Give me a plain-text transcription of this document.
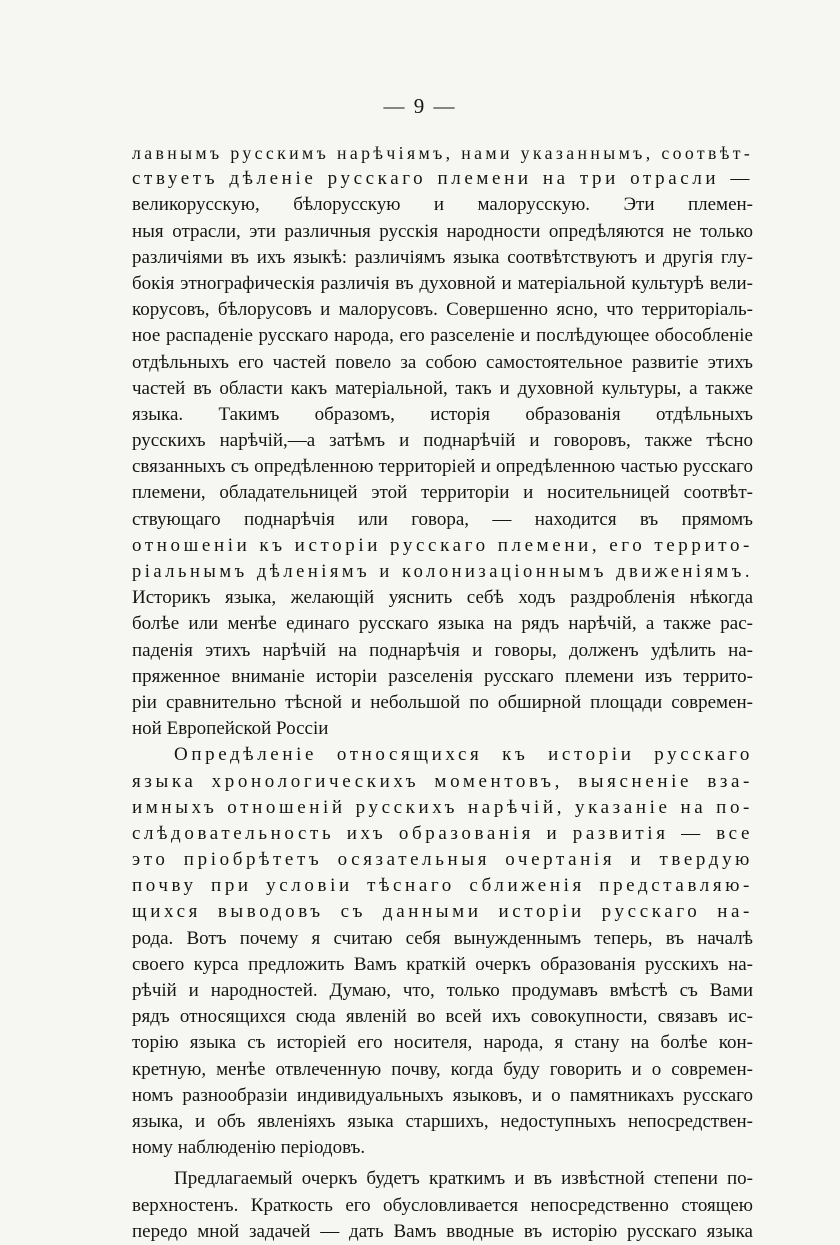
— 9 —
лавнымъ русскимъ нарѣчіямъ, нами указаннымъ, соотвѣт-
ствуетъ дѣленіе русскаго племени на три отрасли —
великорусскую, бѣлорусскую и малорусскую. Эти племен-
ныя отрасли, эти различныя русскія народности опредѣляются не только
различіями въ ихъ языкѣ: различіямъ языка соотвѣтствуютъ и другія глу-
бокія этнографическія различія въ духовной и матеріальной культурѣ вели-
корусовъ, бѣлорусовъ и малорусовъ. Совершенно ясно, что территоріаль-
ное распаденіе русскаго народа, его разселеніе и послѣдующее обособленіе
отдѣльныхъ его частей повело за собою самостоятельное развитіе этихъ
частей въ области какъ матеріальной, такъ и духовной культуры, а также
языка. Такимъ образомъ, исторія образованія отдѣльныхъ
русскихъ нарѣчій,—а затѣмъ и поднарѣчій и говоровъ, также тѣсно
связанныхъ съ опредѣленною территоріей и опредѣленною частью русскаго
племени, обладательницей этой территоріи и носительницей соотвѣт-
ствующаго поднарѣчія или говора, — находится въ прямомъ
отношеніи къ исторіи русскаго племени, его террито-
ріальнымъ дѣленіямъ и колонизаціоннымъ движеніямъ.
Историкъ языка, желающій уяснить себѣ ходъ раздробленія нѣкогда
болѣе или менѣе единаго русскаго языка на рядъ нарѣчій, а также рас-
паденія этихъ нарѣчій на поднарѣчія и говоры, долженъ удѣлить на-
пряженное вниманіе исторіи разселенія русскаго племени изъ террито-
ріи сравнительно тѣсной и небольшой по обширной площади современ-
ной Европейской Россіи
Опредѣленіе относящихся къ исторіи русскаго
языка хронологическихъ моментовъ, выясненіе вза-
имныхъ отношеній русскихъ нарѣчій, указаніе на по-
слѣдовательность ихъ образованія и развитія — все
это пріобрѣтетъ осязательныя очертанія и твердую
почву при условіи тѣснаго сближенія представляю-
щихся выводовъ съ данными исторіи русскаго на-
рода. Вотъ почему я считаю себя вынужденнымъ теперь, въ началѣ
своего курса предложить Вамъ краткій очеркъ образованія русскихъ на-
рѣчій и народностей. Думаю, что, только продумавъ вмѣстѣ съ Вами
рядъ относящихся сюда явленій во всей ихъ совокупности, связавъ ис-
торію языка съ исторіей его носителя, народа, я стану на болѣе кон-
кретную, менѣе отвлеченную почву, когда буду говорить и о современ-
номъ разнообразіи индивидуальныхъ языковъ, и о памятникахъ русскаго
языка, и объ явленіяхъ языка старшихъ, недоступныхъ непосредствен-
ному наблюденію періодовъ.
Предлагаемый очеркъ будетъ краткимъ и въ извѣстной степени по-
верхностенъ. Краткость его обусловливается непосредственно стоящею
передо мной задачей — дать Вамъ вводные въ исторію русскаго языка
